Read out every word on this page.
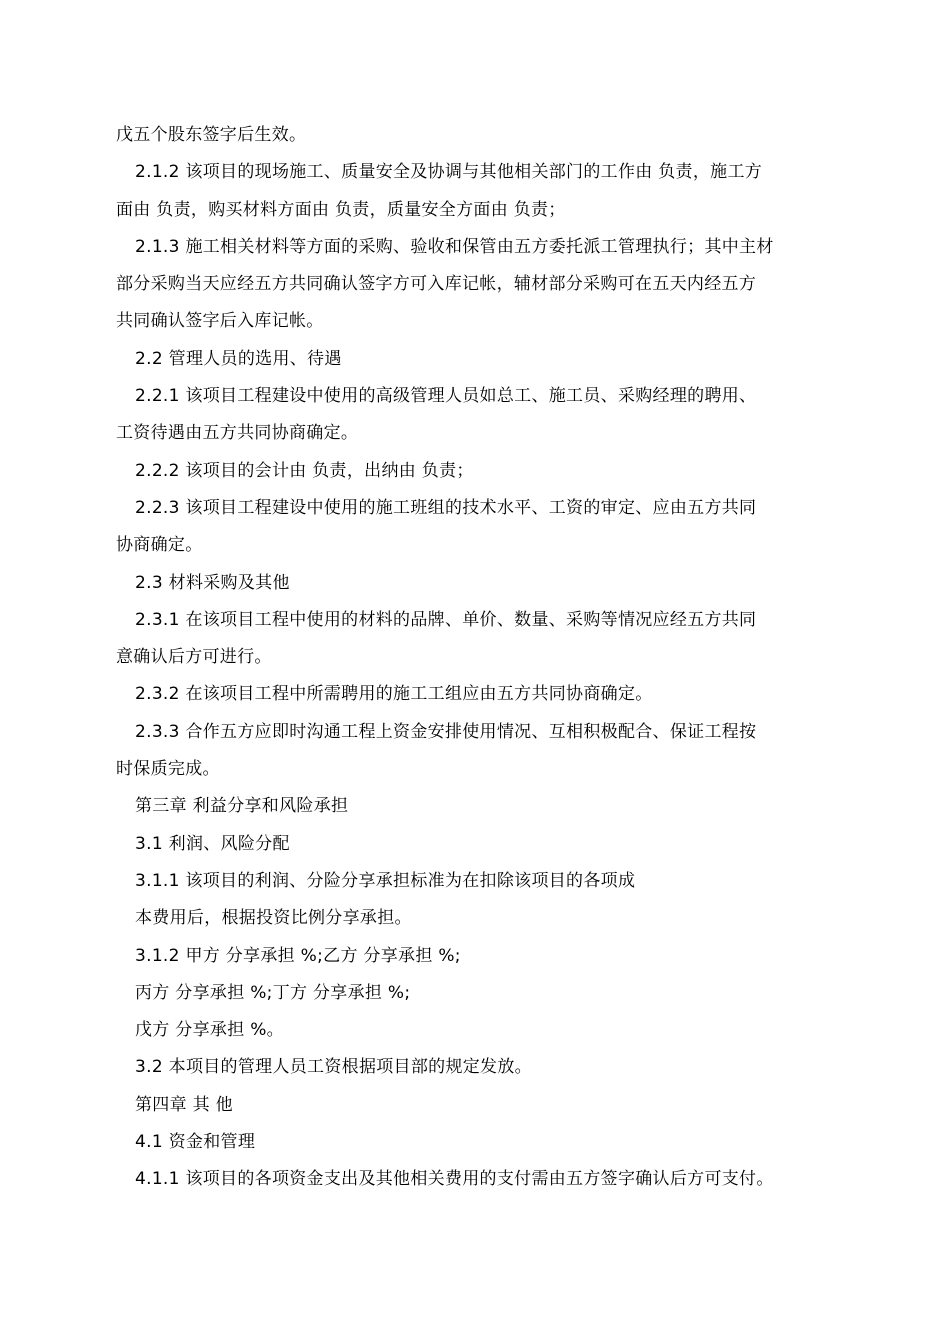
戊五个股东签字后生效。
2.1.2 该项目的现场施工、质量安全及协调与其他相关部门的工作由 负责，施工方
面由 负责，购买材料方面由 负责，质量安全方面由 负责；
2.1.3 施工相关材料等方面的采购、验收和保管由五方委托派工管理执行；其中主材
部分采购当天应经五方共同确认签字方可入库记帐，辅材部分采购可在五天内经五方
共同确认签字后入库记帐。
2.2 管理人员的选用、待遇
2.2.1 该项目工程建设中使用的高级管理人员如总工、施工员、采购经理的聘用、
工资待遇由五方共同协商确定。
2.2.2 该项目的会计由 负责，出纳由 负责；
2.2.3 该项目工程建设中使用的施工班组的技术水平、工资的审定、应由五方共同
协商确定。
2.3 材料采购及其他
2.3.1 在该项目工程中使用的材料的品牌、单价、数量、采购等情况应经五方共同
意确认后方可进行。
2.3.2 在该项目工程中所需聘用的施工工组应由五方共同协商确定。
2.3.3 合作五方应即时沟通工程上资金安排使用情况、互相积极配合、保证工程按
时保质完成。
第三章 利益分享和风险承担
3.1 利润、风险分配
3.1.1 该项目的利润、分险分享承担标准为在扣除该项目的各项成
本费用后，根据投资比例分享承担。
3.1.2 甲方 分享承担 %;乙方 分享承担 %;
丙方 分享承担 %;丁方 分享承担 %;
戊方 分享承担 %。
3.2 本项目的管理人员工资根据项目部的规定发放。
第四章 其 他
4.1 资金和管理
4.1.1 该项目的各项资金支出及其他相关费用的支付需由五方签字确认后方可支付。
